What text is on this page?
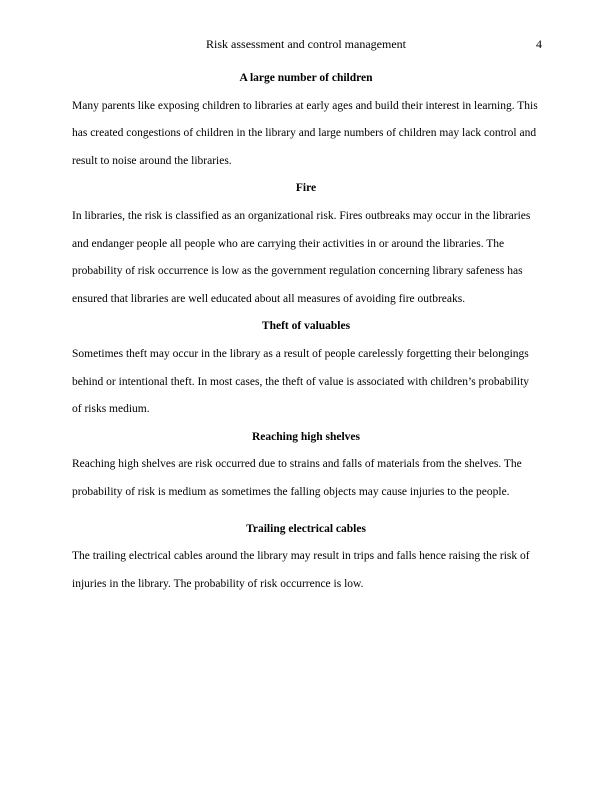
Risk assessment and control management	4

A large number of children

Many parents like exposing children to libraries at early ages and build their interest in learning. This has created congestions of children in the library and large numbers of children may lack control and result to noise around the libraries.

Fire

In libraries, the risk is classified as an organizational risk. Fires outbreaks may occur in the libraries and endanger people all people who are carrying their activities in or around the libraries. The probability of risk occurrence is low as the government regulation concerning library safeness has ensured that libraries are well educated about all measures of avoiding fire outbreaks.

Theft of valuables

Sometimes theft may occur in the library as a result of people carelessly forgetting their belongings behind or intentional theft. In most cases, the theft of value is associated with children’s probability of risks medium.

Reaching high shelves

Reaching high shelves are risk occurred due to strains and falls of materials from the shelves. The probability of risk is medium as sometimes the falling objects may cause injuries to the people.

Trailing electrical cables

The trailing electrical cables around the library may result in trips and falls hence raising the risk of injuries in the library. The probability of risk occurrence is low.
